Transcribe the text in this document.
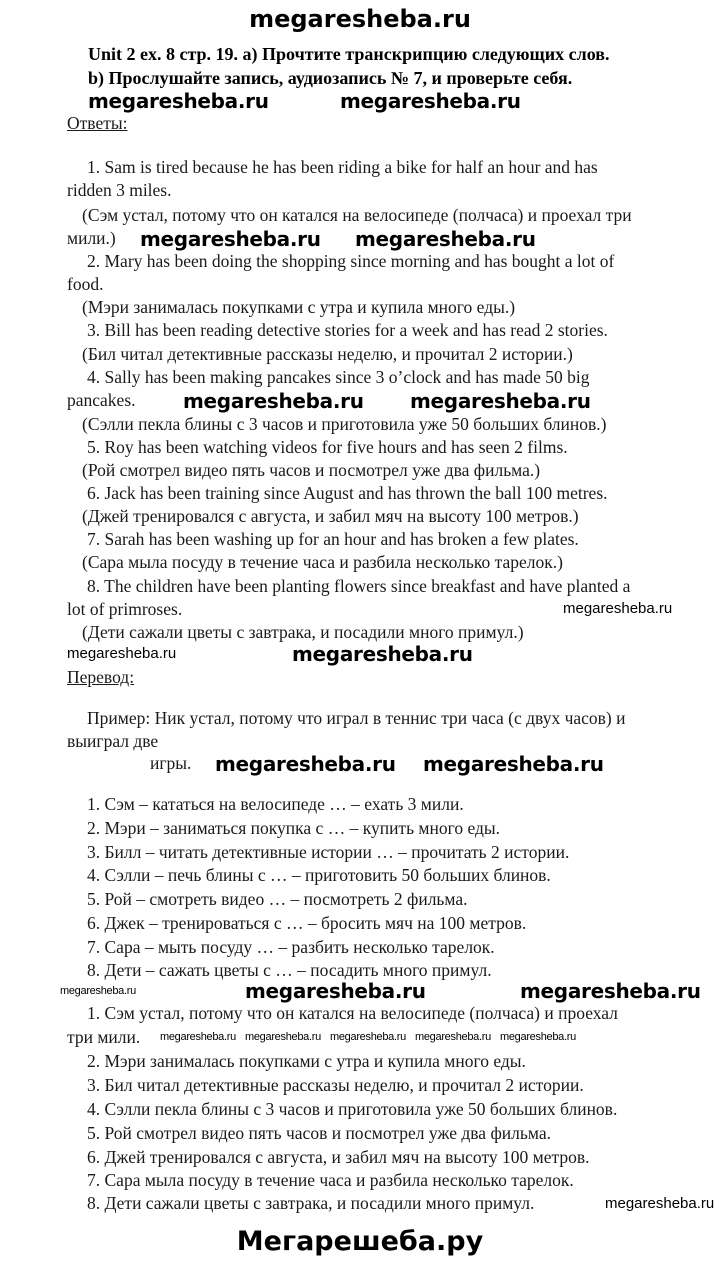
megaresheba.ru
Unit 2 ex. 8 стр. 19. a) Прочтите транскрипцию следующих слов.
b) Прослушайте запись, аудиозапись № 7, и проверьте себя.
megaresheba.ru	megaresheba.ru
Ответы:
1. Sam is tired because he has been riding a bike for half an hour and has
ridden 3 miles.
(Сэм устал, потому что он катался на велосипеде (полчаса) и проехал три
мили.) megaresheba.ru megaresheba.ru
2. Mary has been doing the shopping since morning and has bought a lot of
food.
(Мэри занималась покупками с утра и купила много еды.)
3. Bill has been reading detective stories for a week and has read 2 stories.
(Бил читал детективные рассказы неделю, и прочитал 2 истории.)
4. Sally has been making pancakes since 3 o’clock and has made 50 big
pancakes. megaresheba.ru megaresheba.ru
(Сэлли пекла блины с 3 часов и приготовила уже 50 больших блинов.)
5. Roy has been watching videos for five hours and has seen 2 films.
(Рой смотрел видео пять часов и посмотрел уже два фильма.)
6. Jack has been training since August and has thrown the ball 100 metres.
(Джей тренировался с августа, и забил мяч на высоту 100 метров.)
7. Sarah has been washing up for an hour and has broken a few plates.
(Сара мыла посуду в течение часа и разбила несколько тарелок.)
8. The children have been planting flowers since breakfast and have planted a
lot of primroses.	megaresheba.ru
(Дети сажали цветы с завтрака, и посадили много примул.)
megaresheba.ru
megaresheba.ru
Перевод:
Пример: Ник устал, потому что играл в теннис три часа (с двух часов) и
выиграл две
игры. megaresheba.ru megaresheba.ru
1. Сэм – кататься на велосипеде … – ехать 3 мили.
2. Мэри – заниматься покупка с … – купить много еды.
3. Билл – читать детективные истории … – прочитать 2 истории.
4. Сэлли – печь блины с … – приготовить 50 больших блинов.
5. Рой – смотреть видео … – посмотреть 2 фильма.
6. Джек – тренироваться с … – бросить мяч на 100 метров.
7. Сара – мыть посуду … – разбить несколько тарелок.
8. Дети – сажать цветы с … – посадить много примул.
megaresheba.ru	megaresheba.ru	megaresheba.ru
1. Сэм устал, потому что он катался на велосипеде (полчаса) и проехал
три мили. megaresheba.ru megaresheba.ru megaresheba.ru megaresheba.ru megaresheba.ru
2. Мэри занималась покупками с утра и купила много еды.
3. Бил читал детективные рассказы неделю, и прочитал 2 истории.
4. Сэлли пекла блины с 3 часов и приготовила уже 50 больших блинов.
5. Рой смотрел видео пять часов и посмотрел уже два фильма.
6. Джей тренировался с августа, и забил мяч на высоту 100 метров.
7. Сара мыла посуду в течение часа и разбила несколько тарелок.
8. Дети сажали цветы с завтрака, и посадили много примул.	megaresheba.ru
Мегарешеба.ру
